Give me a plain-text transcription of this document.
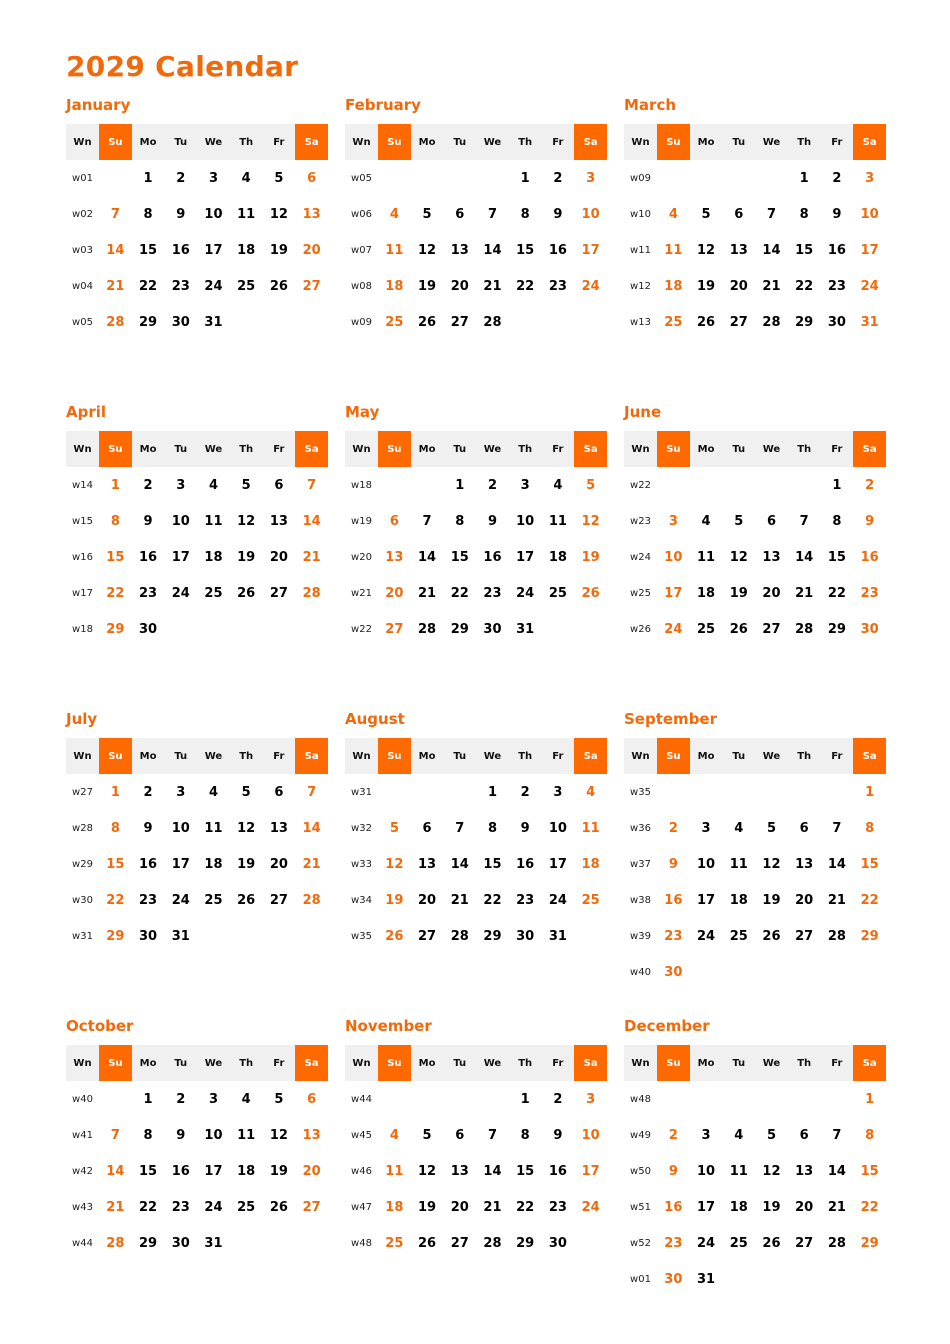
2029 Calendar
January
Wn	Su	Mo	Tu	We	Th	Fr	Sa
w01		1	2	3	4	5	6
w02	7	8	9	10	11	12	13
w03	14	15	16	17	18	19	20
w04	21	22	23	24	25	26	27
w05	28	29	30	31			
February
Wn	Su	Mo	Tu	We	Th	Fr	Sa
w05					1	2	3
w06	4	5	6	7	8	9	10
w07	11	12	13	14	15	16	17
w08	18	19	20	21	22	23	24
w09	25	26	27	28			
March
Wn	Su	Mo	Tu	We	Th	Fr	Sa
w09					1	2	3
w10	4	5	6	7	8	9	10
w11	11	12	13	14	15	16	17
w12	18	19	20	21	22	23	24
w13	25	26	27	28	29	30	31
April
Wn	Su	Mo	Tu	We	Th	Fr	Sa
w14	1	2	3	4	5	6	7
w15	8	9	10	11	12	13	14
w16	15	16	17	18	19	20	21
w17	22	23	24	25	26	27	28
w18	29	30					
May
Wn	Su	Mo	Tu	We	Th	Fr	Sa
w18			1	2	3	4	5
w19	6	7	8	9	10	11	12
w20	13	14	15	16	17	18	19
w21	20	21	22	23	24	25	26
w22	27	28	29	30	31		
June
Wn	Su	Mo	Tu	We	Th	Fr	Sa
w22						1	2
w23	3	4	5	6	7	8	9
w24	10	11	12	13	14	15	16
w25	17	18	19	20	21	22	23
w26	24	25	26	27	28	29	30
July
Wn	Su	Mo	Tu	We	Th	Fr	Sa
w27	1	2	3	4	5	6	7
w28	8	9	10	11	12	13	14
w29	15	16	17	18	19	20	21
w30	22	23	24	25	26	27	28
w31	29	30	31				
August
Wn	Su	Mo	Tu	We	Th	Fr	Sa
w31				1	2	3	4
w32	5	6	7	8	9	10	11
w33	12	13	14	15	16	17	18
w34	19	20	21	22	23	24	25
w35	26	27	28	29	30	31	
September
Wn	Su	Mo	Tu	We	Th	Fr	Sa
w35							1
w36	2	3	4	5	6	7	8
w37	9	10	11	12	13	14	15
w38	16	17	18	19	20	21	22
w39	23	24	25	26	27	28	29
w40	30						
October
Wn	Su	Mo	Tu	We	Th	Fr	Sa
w40		1	2	3	4	5	6
w41	7	8	9	10	11	12	13
w42	14	15	16	17	18	19	20
w43	21	22	23	24	25	26	27
w44	28	29	30	31			
November
Wn	Su	Mo	Tu	We	Th	Fr	Sa
w44					1	2	3
w45	4	5	6	7	8	9	10
w46	11	12	13	14	15	16	17
w47	18	19	20	21	22	23	24
w48	25	26	27	28	29	30	
December
Wn	Su	Mo	Tu	We	Th	Fr	Sa
w48							1
w49	2	3	4	5	6	7	8
w50	9	10	11	12	13	14	15
w51	16	17	18	19	20	21	22
w52	23	24	25	26	27	28	29
w01	30	31					
